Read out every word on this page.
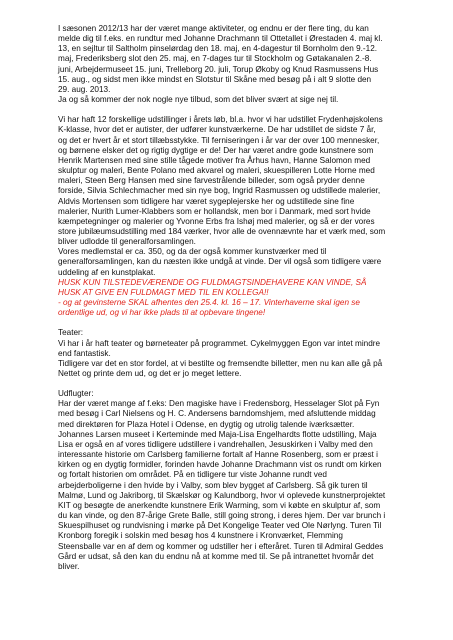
I sæsonen 2012/13 har der været mange aktiviteter, og endnu er der flere ting, du kan
melde dig til f.eks. en rundtur med Johanne Drachmann til Ottetallet i Ørestaden 4. maj kl.
13, en sejltur til Saltholm pinselørdag den 18. maj, en 4-dagestur til Bornholm den 9.-12.
maj, Frederiksberg slot den 25. maj, en 7-dages tur til Stockholm og Gøtakanalen 2.-8.
juni, Arbejdermuseet 15. juni, Trelleborg 20. juli, Torup Økoby og Knud Rasmussens Hus
15. aug., og sidst men ikke mindst en Slotstur til Skåne med besøg på i alt 9 slotte den
29. aug. 2013.
Ja og så kommer der nok nogle nye tilbud, som det bliver svært at sige nej til.

Vi har haft 12 forskellige udstillinger i årets løb, bl.a. hvor vi har udstillet Frydenhøjskolens
K-klasse, hvor det er autister, der udfører kunstværkerne. De har udstillet de sidste 7 år,
og det er hvert år et stort tillæbsstykke. Til ferniseringen i år var der over 100 mennesker,
og børnene elsker det og rigtig dygtige er de! Der har været andre gode kunstnere som
Henrik Martensen med sine stille tågede motiver fra Århus havn, Hanne Salomon med
skulptur og maleri, Bente Polano med akvarel og maleri, skuespilleren Lotte Horne med
maleri, Steen Berg Hansen med sine farvestrålende billeder, som også pryder denne
forside, Silvia Schlechmacher med sin nye bog, Ingrid Rasmussen og udstillede malerier,
Aldvis Mortensen som tidligere har været sygeplejerske her og udstillede sine fine
malerier, Nurith Lumer-Klabbers som er hollandsk, men bor i Danmark, med sort hvide
kæmpetegninger og malerier og Yvonne Erbs fra Ishøj med malerier, og så er der vores
store jubilæumsudstilling med 184 værker, hvor alle de ovennævnte har et værk med, som
bliver udlodde til generalforsamlingen.
Vores medlemstal er ca. 350, og da der også kommer kunstværker med til
generalforsamlingen, kan du næsten ikke undgå at vinde. Der vil også som tidligere være
uddeling af en kunstplakat.

HUSK KUN TILSTEDEVÆRENDE OG FULDMAGTSINDEHAVERE KAN VINDE, SÅ
HUSK AT GIVE EN FULDMAGT MED TIL EN KOLLEGA!!
- og at gevinsterne SKAL afhentes den 25.4. kl. 16 – 17. Vinterhaverne skal igen se
ordentlige ud, og vi har ikke plads til at opbevare tingene!

Teater:
Vi har i år haft teater og børneteater på programmet. Cykelmyggen Egon var intet mindre
end fantastisk.
Tidligere var det en stor fordel, at vi bestilte og fremsendte billetter, men nu kan alle gå på
Nettet og printe dem ud, og det er jo meget lettere.

Udflugter:
Har der været mange af f.eks: Den magiske have i Fredensborg, Hesselager Slot på Fyn
med besøg i Carl Nielsens og H. C. Andersens barndomshjem, med afsluttende middag
med direktøren for Plaza Hotel i Odense, en dygtig og utrolig talende iværksætter.
Johannes Larsen museet i Kerteminde med Maja-Lisa Engelhardts flotte udstilling, Maja
Lisa er også en af vores tidligere udstillere i vandrehallen, Jesuskirken i Valby med den
interessante historie om Carlsberg familierne fortalt af Hanne Rosenberg, som er præst i
kirken og en dygtig formidler, forinden havde Johanne Drachmann vist os rundt om kirken
og fortalt historien om området. På en tidligere tur viste Johanne rundt ved
arbejderboligerne i den hvide by i Valby, som blev bygget af Carlsberg. Så gik turen til
Malmø, Lund og Jakriborg, til Skælskør og Kalundborg, hvor vi oplevede kunstnerprojektet
KIT og besøgte de anerkendte kunstnere Erik Warming, som vi købte en skulptur af, som
du kan vinde, og den 87-årige Grete Balle, still going strong, i deres hjem. Der var brunch i
Skuespilhuset og rundvisning i mørke på Det Kongelige Teater ved Ole Nørlyng. Turen Til
Kronborg foregik i solskin med besøg hos 4 kunstnere i Kronværket, Flemming
Steensballe var en af dem og kommer og udstiller her i efteråret. Turen til Admiral Geddes
Gård er udsat, så den kan du endnu nå at komme med til. Se på intranettet hvornår det
bliver.
